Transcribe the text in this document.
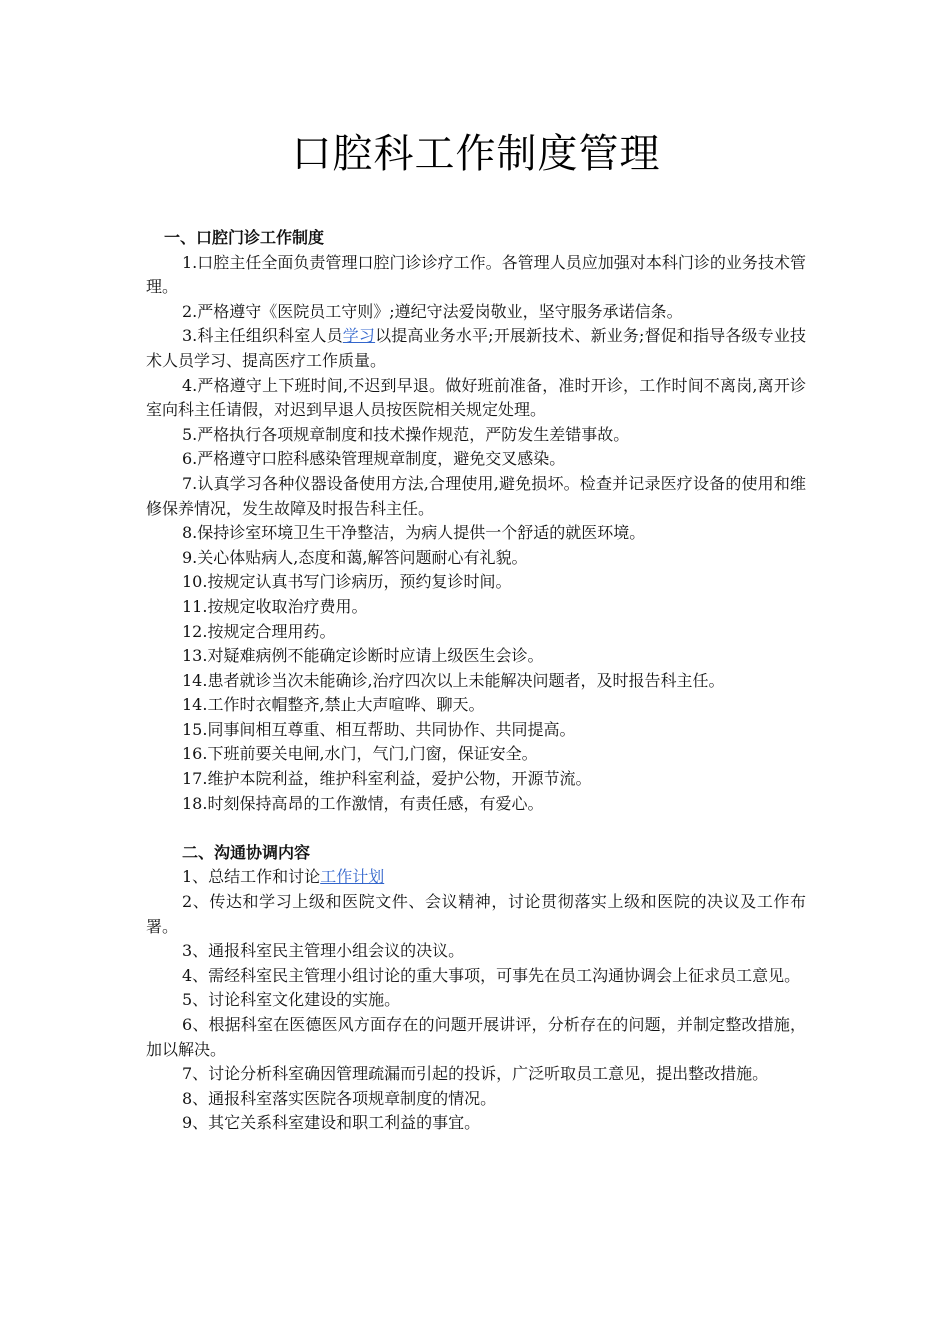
口腔科工作制度管理
一、口腔门诊工作制度

1.口腔主任全面负责管理口腔门诊诊疗工作。各管理人员应加强对本科门诊的业务技术管理。

2.严格遵守《医院员工守则》;遵纪守法爱岗敬业，坚守服务承诺信条。

3.科主任组织科室人员学习以提高业务水平;开展新技术、新业务;督促和指导各级专业技术人员学习、提高医疗工作质量。

4.严格遵守上下班时间,不迟到早退。做好班前准备，准时开诊，工作时间不离岗,离开诊室向科主任请假，对迟到早退人员按医院相关规定处理。

5.严格执行各项规章制度和技术操作规范，严防发生差错事故。

6.严格遵守口腔科感染管理规章制度，避免交叉感染。

7.认真学习各种仪器设备使用方法,合理使用,避免损坏。检查并记录医疗设备的使用和维修保养情况，发生故障及时报告科主任。

8.保持诊室环境卫生干净整洁，为病人提供一个舒适的就医环境。

9.关心体贴病人,态度和蔼,解答问题耐心有礼貌。

10.按规定认真书写门诊病历，预约复诊时间。

11.按规定收取治疗费用。

12.按规定合理用药。

13.对疑难病例不能确定诊断时应请上级医生会诊。

14.患者就诊当次未能确诊,治疗四次以上未能解决问题者，及时报告科主任。

14.工作时衣帽整齐,禁止大声喧哗、聊天。

15.同事间相互尊重、相互帮助、共同协作、共同提高。

16.下班前要关电闸,水门，气门,门窗，保证安全。

17.维护本院利益，维护科室利益，爱护公物，开源节流。

18.时刻保持高昂的工作激情，有责任感，有爱心。

二、沟通协调内容

1、总结工作和讨论工作计划

2、传达和学习上级和医院文件、会议精神，讨论贯彻落实上级和医院的决议及工作布署。

3、通报科室民主管理小组会议的决议。

4、需经科室民主管理小组讨论的重大事项，可事先在员工沟通协调会上征求员工意见。

5、讨论科室文化建设的实施。

6、根据科室在医德医风方面存在的问题开展讲评，分析存在的问题，并制定整改措施，加以解决。

7、讨论分析科室确因管理疏漏而引起的投诉，广泛听取员工意见，提出整改措施。

8、通报科室落实医院各项规章制度的情况。

9、其它关系科室建设和职工利益的事宜。
